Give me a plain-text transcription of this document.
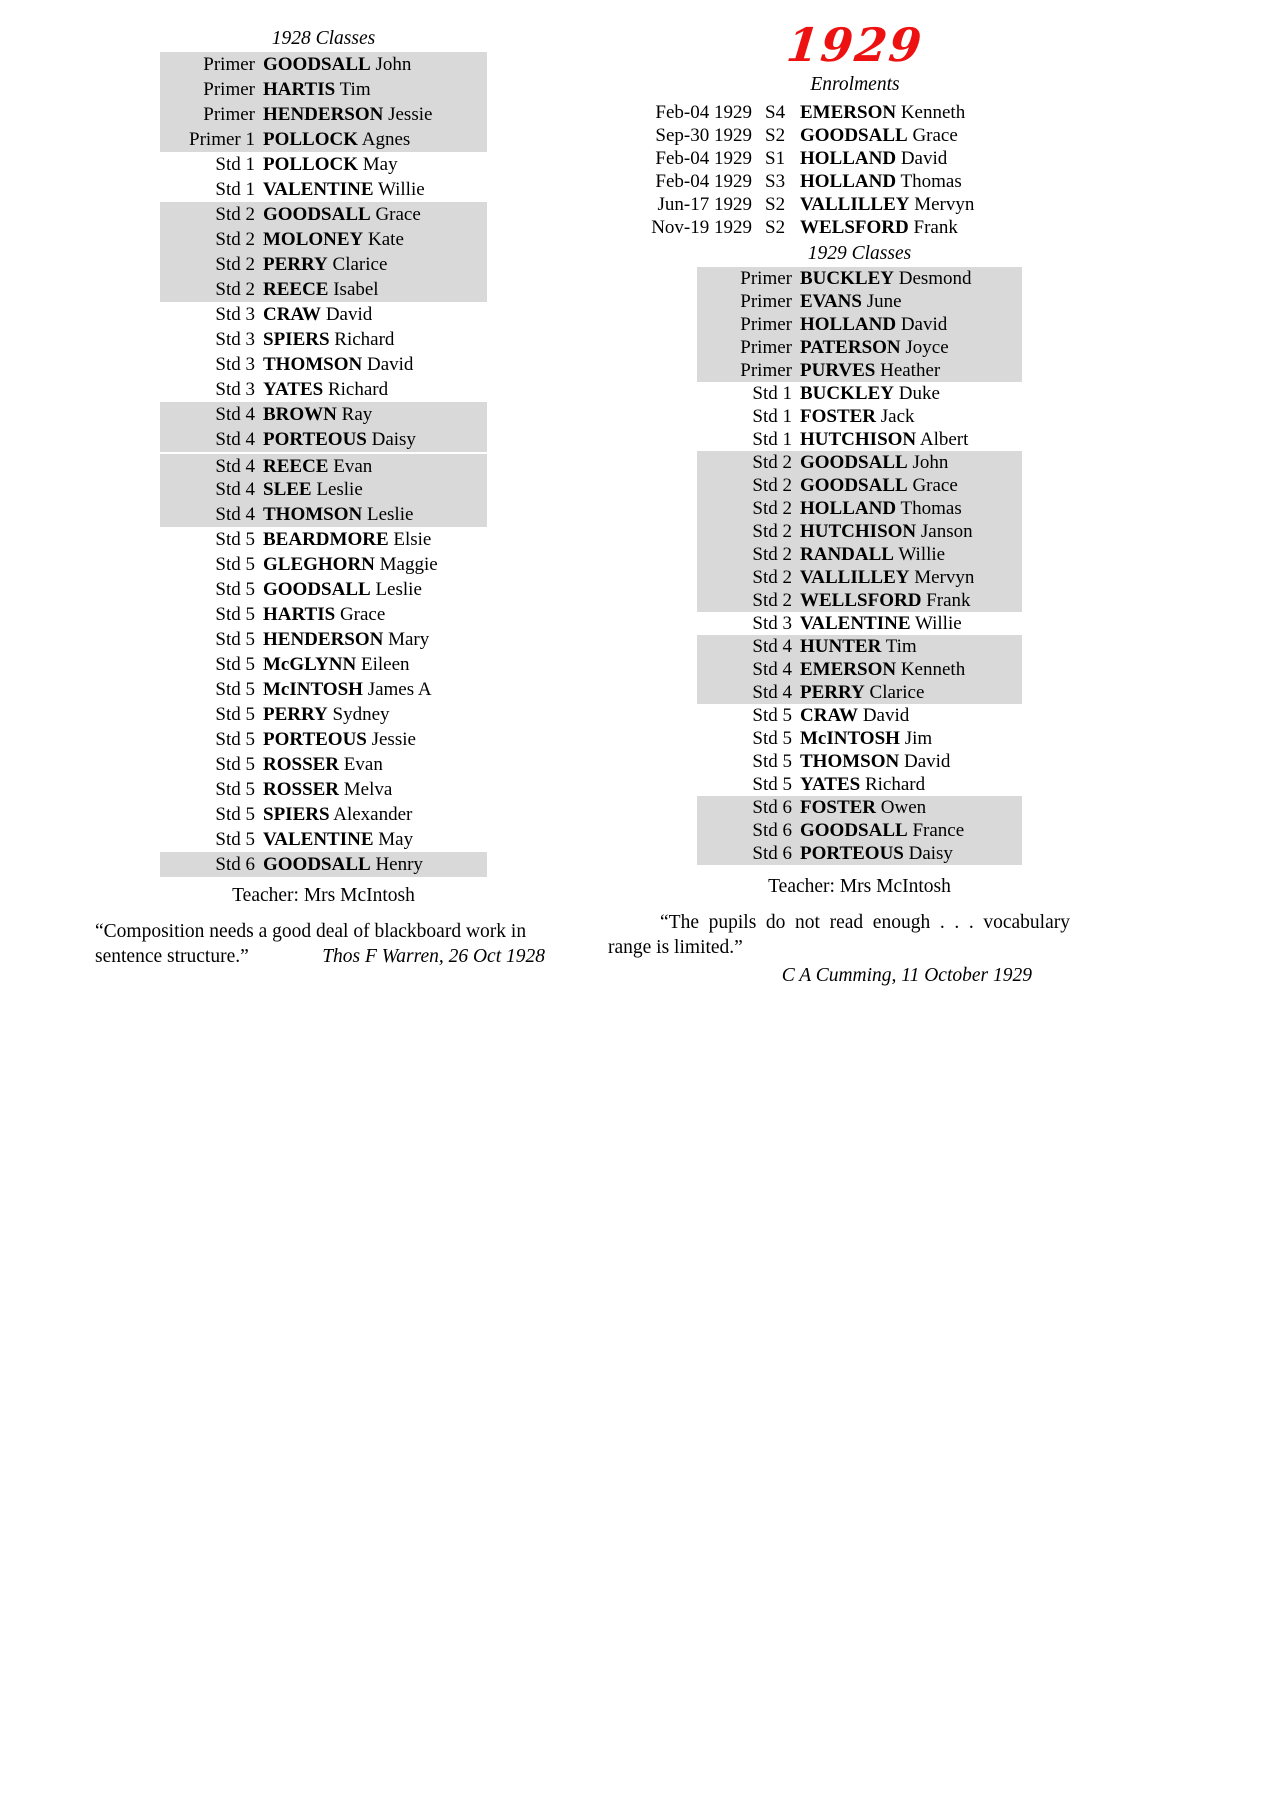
1928 Classes
Primer GOODSALL John
Primer HARTIS Tim
Primer HENDERSON Jessie
Primer 1 POLLOCK Agnes
Std 1 POLLOCK May
Std 1 VALENTINE Willie
Std 2 GOODSALL Grace
Std 2 MOLONEY Kate
Std 2 PERRY Clarice
Std 2 REECE Isabel
Std 3 CRAW David
Std 3 SPIERS Richard
Std 3 THOMSON David
Std 3 YATES Richard
Std 4 BROWN Ray
Std 4 PORTEOUS Daisy
Std 4 REECE Evan
Std 4 SLEE Leslie
Std 4 THOMSON Leslie
Std 5 BEARDMORE Elsie
Std 5 GLEGHORN Maggie
Std 5 GOODSALL Leslie
Std 5 HARTIS Grace
Std 5 HENDERSON Mary
Std 5 McGLYNN Eileen
Std 5 McINTOSH James A
Std 5 PERRY Sydney
Std 5 PORTEOUS Jessie
Std 5 ROSSER Evan
Std 5 ROSSER Melva
Std 5 SPIERS Alexander
Std 5 VALENTINE May
Std 6 GOODSALL Henry
Teacher: Mrs McIntosh
“Composition needs a good deal of blackboard work in
sentence structure.”	Thos F Warren, 26 Oct 1928

1929
Enrolments
Feb-04 1929 S4 EMERSON Kenneth
Sep-30 1929 S2 GOODSALL Grace
Feb-04 1929 S1 HOLLAND David
Feb-04 1929 S3 HOLLAND Thomas
Jun-17 1929 S2 VALLILLEY Mervyn
Nov-19 1929 S2 WELSFORD Frank
1929 Classes
Primer BUCKLEY Desmond
Primer EVANS June
Primer HOLLAND David
Primer PATERSON Joyce
Primer PURVES Heather
Std 1 BUCKLEY Duke
Std 1 FOSTER Jack
Std 1 HUTCHISON Albert
Std 2 GOODSALL John
Std 2 GOODSALL Grace
Std 2 HOLLAND Thomas
Std 2 HUTCHISON Janson
Std 2 RANDALL Willie
Std 2 VALLILLEY Mervyn
Std 2 WELLSFORD Frank
Std 3 VALENTINE Willie
Std 4 HUNTER Tim
Std 4 EMERSON Kenneth
Std 4 PERRY Clarice
Std 5 CRAW David
Std 5 McINTOSH Jim
Std 5 THOMSON David
Std 5 YATES Richard
Std 6 FOSTER Owen
Std 6 GOODSALL France
Std 6 PORTEOUS Daisy
Teacher: Mrs McIntosh

“The pupils do not read enough . . . vocabulary range is limited.”

C A Cumming, 11 October 1929
